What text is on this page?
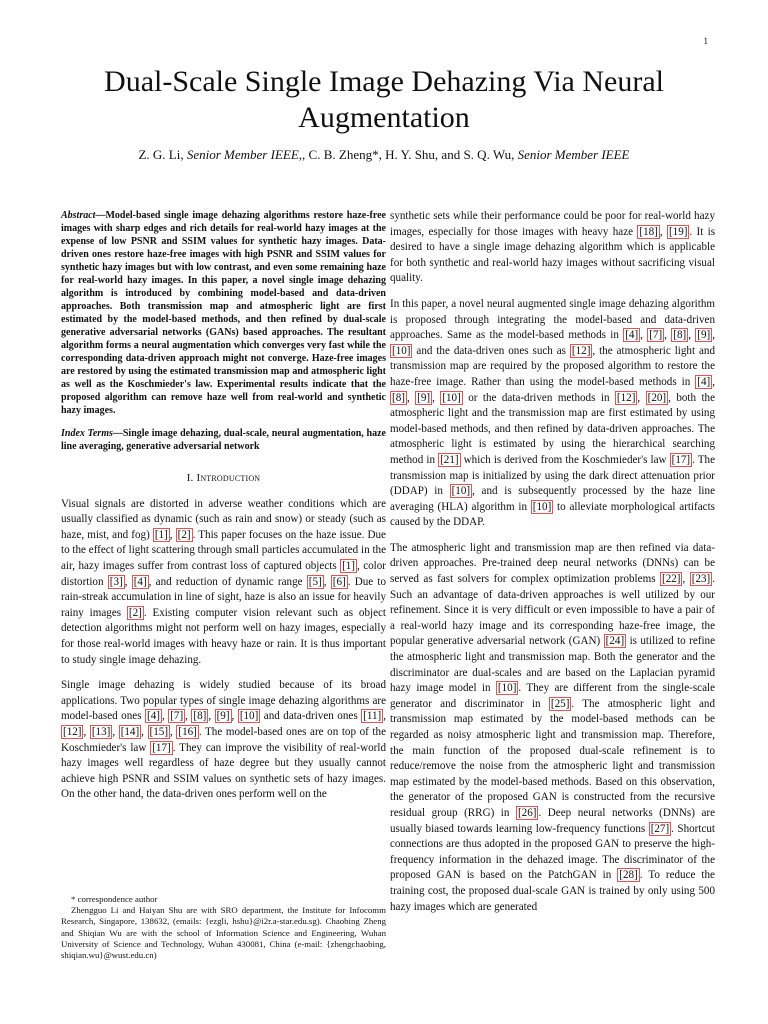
1
Dual-Scale Single Image Dehazing Via Neural Augmentation
Z. G. Li, Senior Member IEEE,, C. B. Zheng*, H. Y. Shu, and S. Q. Wu, Senior Member IEEE

Abstract—Model-based single image dehazing algorithms restore haze-free images with sharp edges and rich details for real-world hazy images at the expense of low PSNR and SSIM values for synthetic hazy images. Data-driven ones restore haze-free images with high PSNR and SSIM values for synthetic hazy images but with low contrast, and even some remaining haze for real-world hazy images. In this paper, a novel single image dehazing algorithm is introduced by combining model-based and data-driven approaches. Both transmission map and atmospheric light are first estimated by the model-based methods, and then refined by dual-scale generative adversarial networks (GANs) based approaches. The resultant algorithm forms a neural augmentation which converges very fast while the corresponding data-driven approach might not converge. Haze-free images are restored by using the estimated transmission map and atmospheric light as well as the Koschmieder's law. Experimental results indicate that the proposed algorithm can remove haze well from real-world and synthetic hazy images.

Index Terms—Single image dehazing, dual-scale, neural augmentation, haze line averaging, generative adversarial network

I. Introduction

Visual signals are distorted in adverse weather conditions which are usually classified as dynamic (such as rain and snow) or steady (such as haze, mist, and fog) [1] , [2] . This paper focuses on the haze issue. Due to the effect of light scattering through small particles accumulated in the air, hazy images suffer from contrast loss of captured objects [1] , color distortion [3] , [4] , and reduction of dynamic range [5] , [6] . Due to rain-streak accumulation in line of sight, haze is also an issue for heavily rainy images [2] . Existing computer vision relevant such as object detection algorithms might not perform well on hazy images, especially for those real-world images with heavy haze or rain. It is thus important to study single image dehazing.

Single image dehazing is widely studied because of its broad applications. Two popular types of single image dehazing algorithms are model-based ones [4] , [7] , [8] , [9] , [10] and data-driven ones [11] , [12] , [13] , [14] , [15] , [16] . The model-based ones are on top of the Koschmieder's law [17] . They can improve the visibility of real-world hazy images well regardless of haze degree but they usually cannot achieve high PSNR and SSIM values on synthetic sets of hazy images. On the other hand, the data-driven ones perform well on the

synthetic sets while their performance could be poor for real-world hazy images, especially for those images with heavy haze [18] , [19] . It is desired to have a single image dehazing algorithm which is applicable for both synthetic and real-world hazy images without sacrificing visual quality.

In this paper, a novel neural augmented single image dehazing algorithm is proposed through integrating the model-based and data-driven approaches. Same as the model-based methods in [4] , [7] , [8] , [9] , [10] and the data-driven ones such as [12] , the atmospheric light and transmission map are required by the proposed algorithm to restore the haze-free image. Rather than using the model-based methods in [4] , [8] , [9] , [10] or the data-driven methods in [12] , [20] , both the atmospheric light and the transmission map are first estimated by using model-based methods, and then refined by data-driven approaches. The atmospheric light is estimated by using the hierarchical searching method in [21] which is derived from the Koschmieder's law [17] . The transmission map is initialized by using the dark direct attenuation prior (DDAP) in [10] , and is subsequently processed by the haze line averaging (HLA) algorithm in [10] to alleviate morphological artifacts caused by the DDAP.

The atmospheric light and transmission map are then refined via data-driven approaches. Pre-trained deep neural networks (DNNs) can be served as fast solvers for complex optimization problems [22] , [23] . Such an advantage of data-driven approaches is well utilized by our refinement. Since it is very difficult or even impossible to have a pair of a real-world hazy image and its corresponding haze-free image, the popular generative adversarial network (GAN) [24] is utilized to refine the atmospheric light and transmission map. Both the generator and the discriminator are dual-scales and are based on the Laplacian pyramid hazy image model in [10] . They are different from the single-scale generator and discriminator in [25] . The atmospheric light and transmission map estimated by the model-based methods can be regarded as noisy atmospheric light and transmission map. Therefore, the main function of the proposed dual-scale refinement is to reduce/remove the noise from the atmospheric light and transmission map estimated by the model-based methods. Based on this observation, the generator of the proposed GAN is constructed from the recursive residual group (RRG) in [26] . Deep neural networks (DNNs) are usually biased towards learning low-frequency functions [27] . Shortcut connections are thus adopted in the proposed GAN to preserve the high-frequency information in the dehazed image. The discriminator of the proposed GAN is based on the PatchGAN in [28] . To reduce the training cost, the proposed dual-scale GAN is trained by only using 500 hazy images which are generated

* correspondence author

Zhengguo Li and Haiyan Shu are with SRO department, the Institute for Infocomm Research, Singapore, 138632, (emails: {ezgli, hshu}@i2r.a-star.edu.sg). Chaobing Zheng and Shiqian Wu are with the school of Information Science and Engineering, Wuhan University of Science and Technology, Wuhan 430081, China (e-mail: {zhengchaobing, shiqian.wu}@wust.edu.cn)
